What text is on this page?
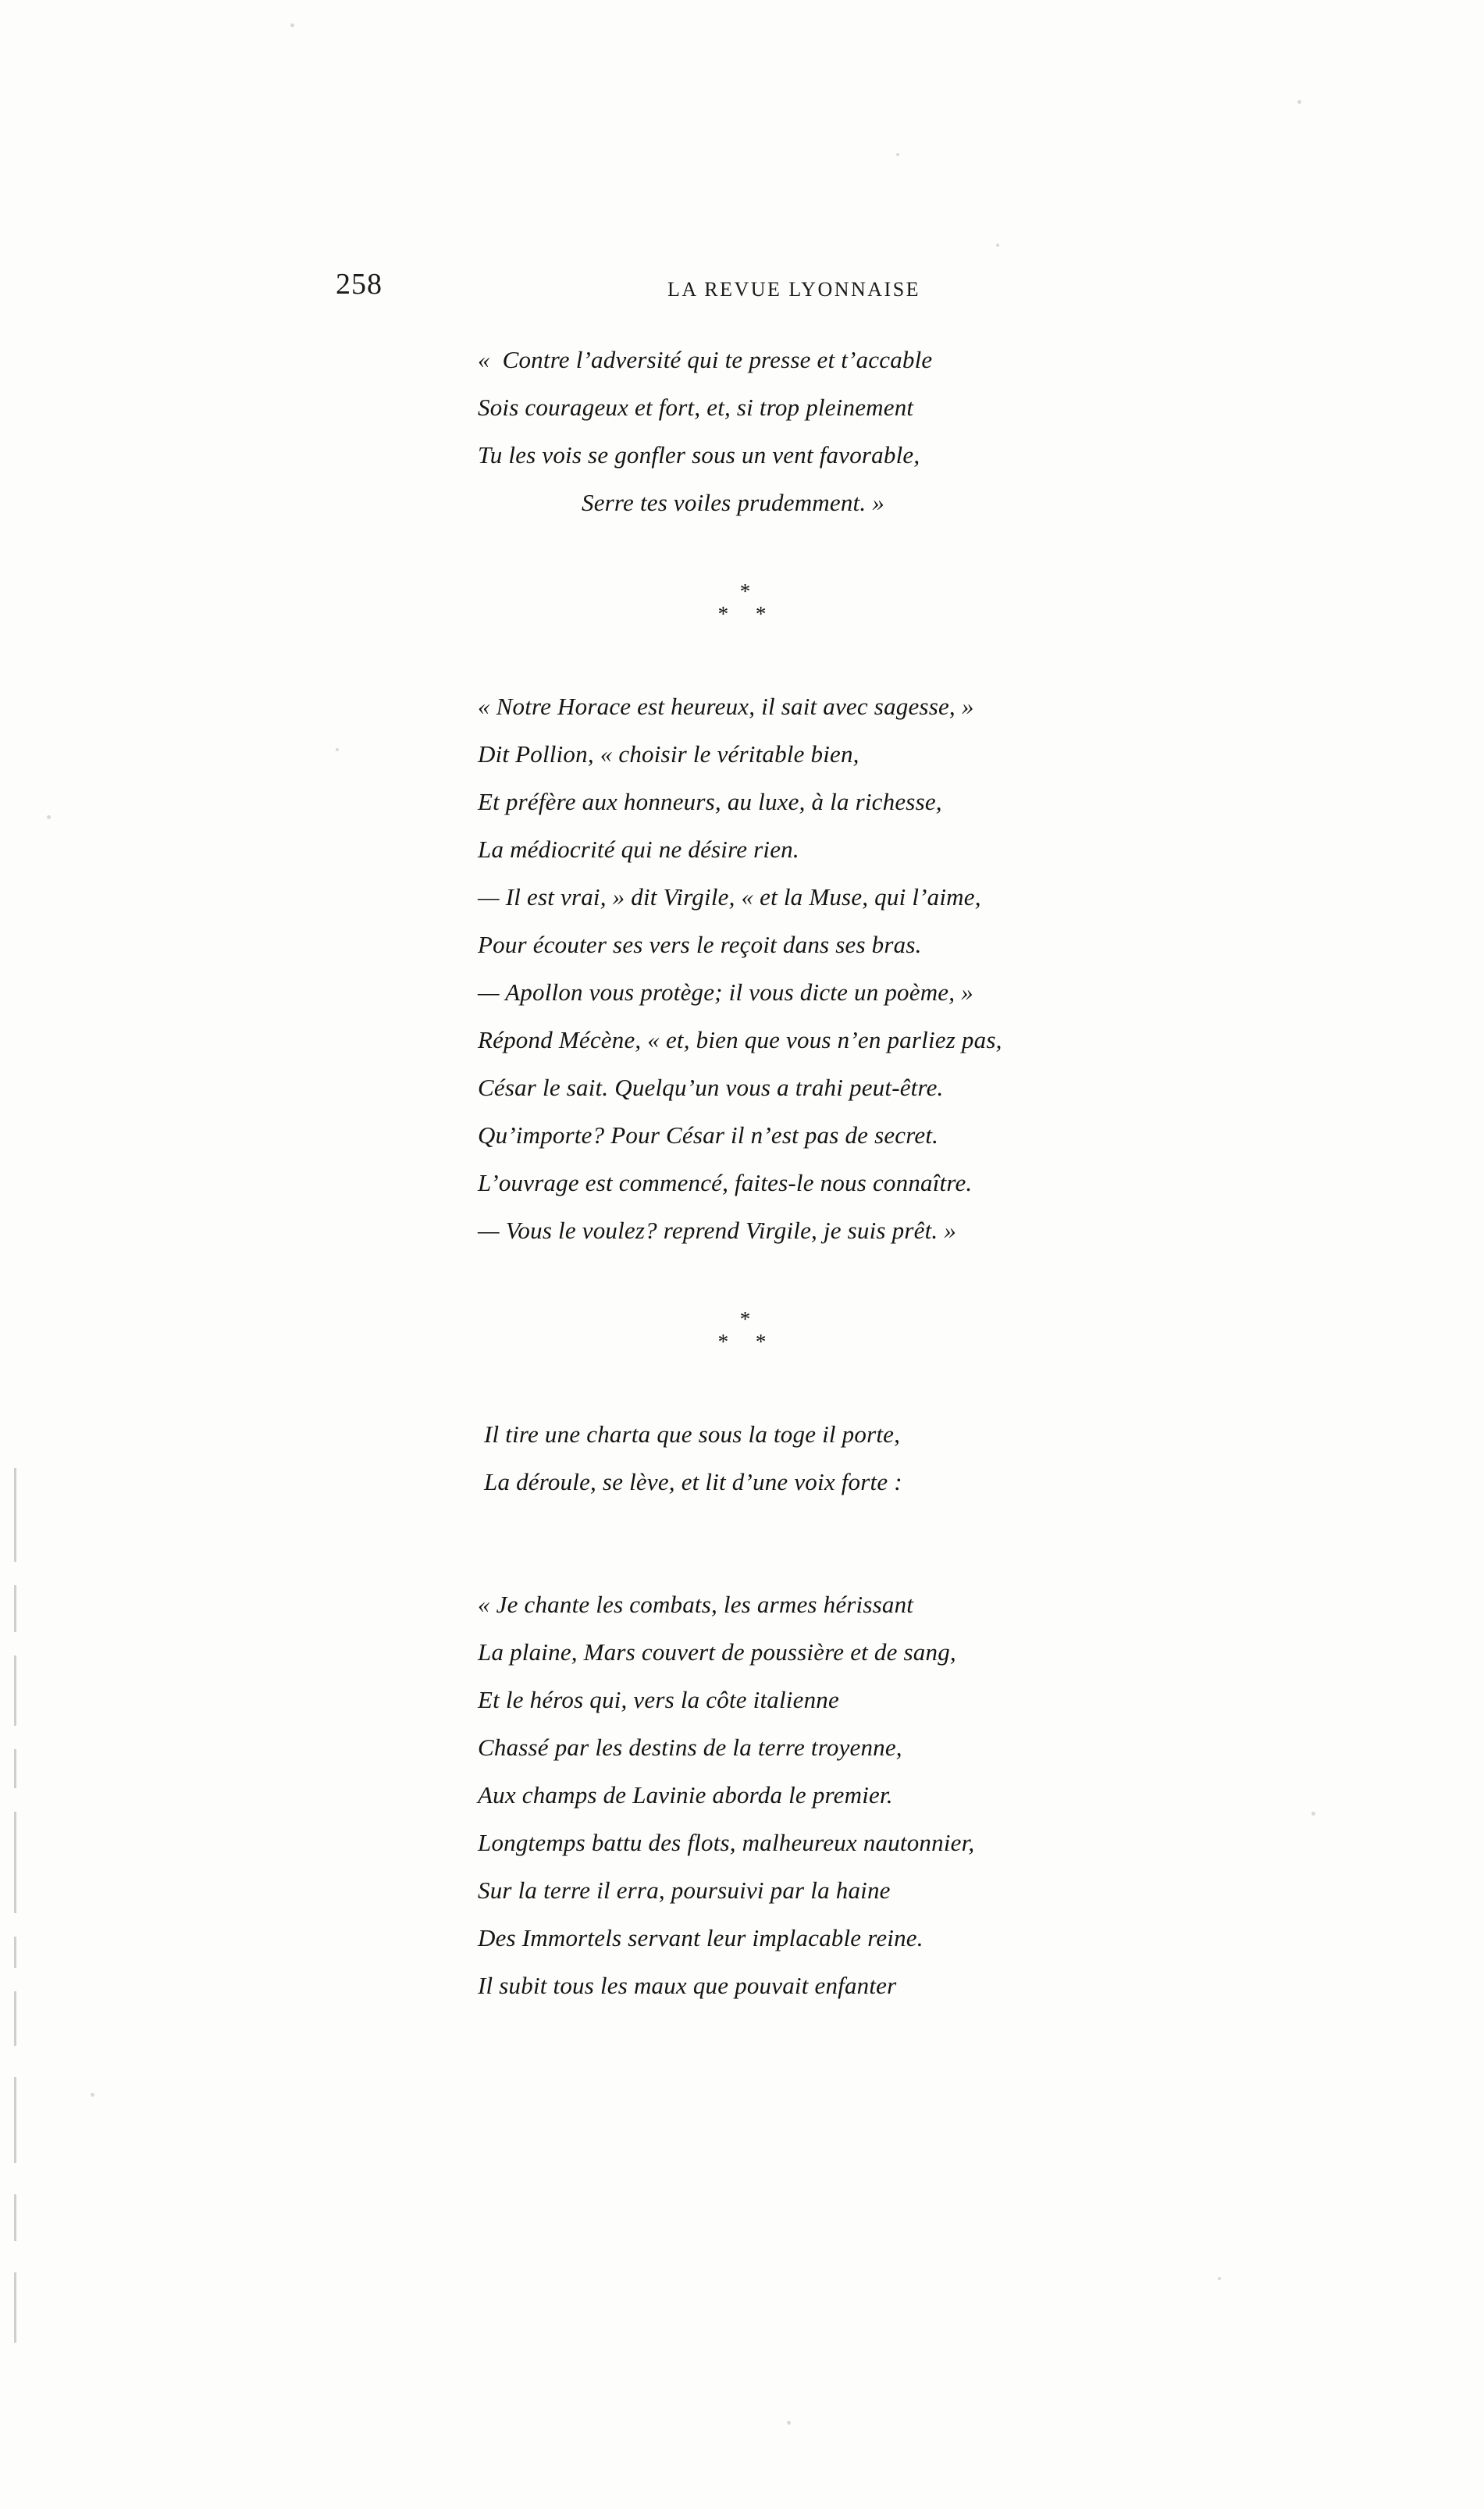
258	LA REVUE LYONNAISE
«  Contre l’adversité qui te presse et t’accable
Sois courageux et fort, et, si trop pleinement
Tu les vois se gonfler sous un vent favorable,
Serre tes voiles prudemment. »
*
* *
« Notre Horace est heureux, il sait avec sagesse, »
Dit Pollion, « choisir le véritable bien,
Et préfère aux honneurs, au luxe, à la richesse,
La médiocrité qui ne désire rien.
— Il est vrai, » dit Virgile, « et la Muse, qui l’aime,
Pour écouter ses vers le reçoit dans ses bras.
— Apollon vous protège; il vous dicte un poème, »
Répond Mécène, « et, bien que vous n’en parliez pas,
César le sait. Quelqu’un vous a trahi peut-être.
Qu’importe? Pour César il n’est pas de secret.
L’ouvrage est commencé, faites-le nous connaître.
— Vous le voulez? reprend Virgile, je suis prêt. »
*
* *
Il tire une charta que sous la toge il porte,
La déroule, se lève, et lit d’une voix forte :
« Je chante les combats, les armes hérissant
La plaine, Mars couvert de poussière et de sang,
Et le héros qui, vers la côte italienne
Chassé par les destins de la terre troyenne,
Aux champs de Lavinie aborda le premier.
Longtemps battu des flots, malheureux nautonnier,
Sur la terre il erra, poursuivi par la haine
Des Immortels servant leur implacable reine.
Il subit tous les maux que pouvait enfanter
